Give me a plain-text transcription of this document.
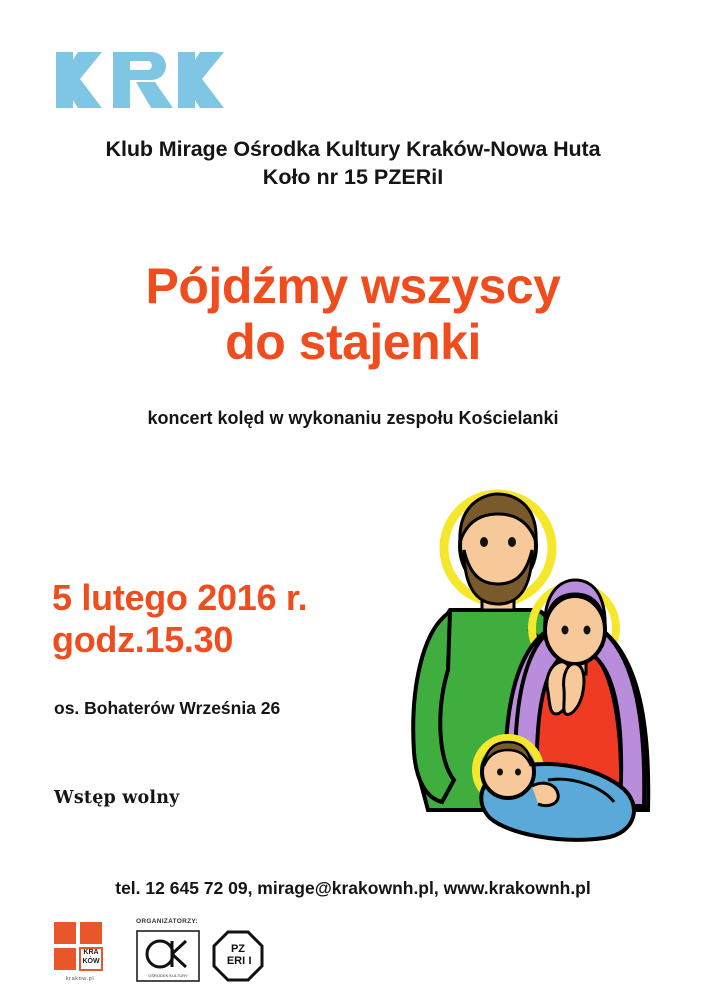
Klub Mirage Ośrodka Kultury Kraków-Nowa Huta
Koło nr 15 PZERiI
Pójdźmy wszyscy
do stajenki
koncert kolęd w wykonaniu zespołu Kościelanki
5 lutego 2016 r.
godz.15.30
os. Bohaterów Września 26
Wstęp wolny
tel. 12 645 72 09, mirage@krakownh.pl, www.krakownh.pl
KRA
KÓW
krakow.pl
ORGANIZATORZY:
OŚRODEK KULTURY
PZ
ERI I
